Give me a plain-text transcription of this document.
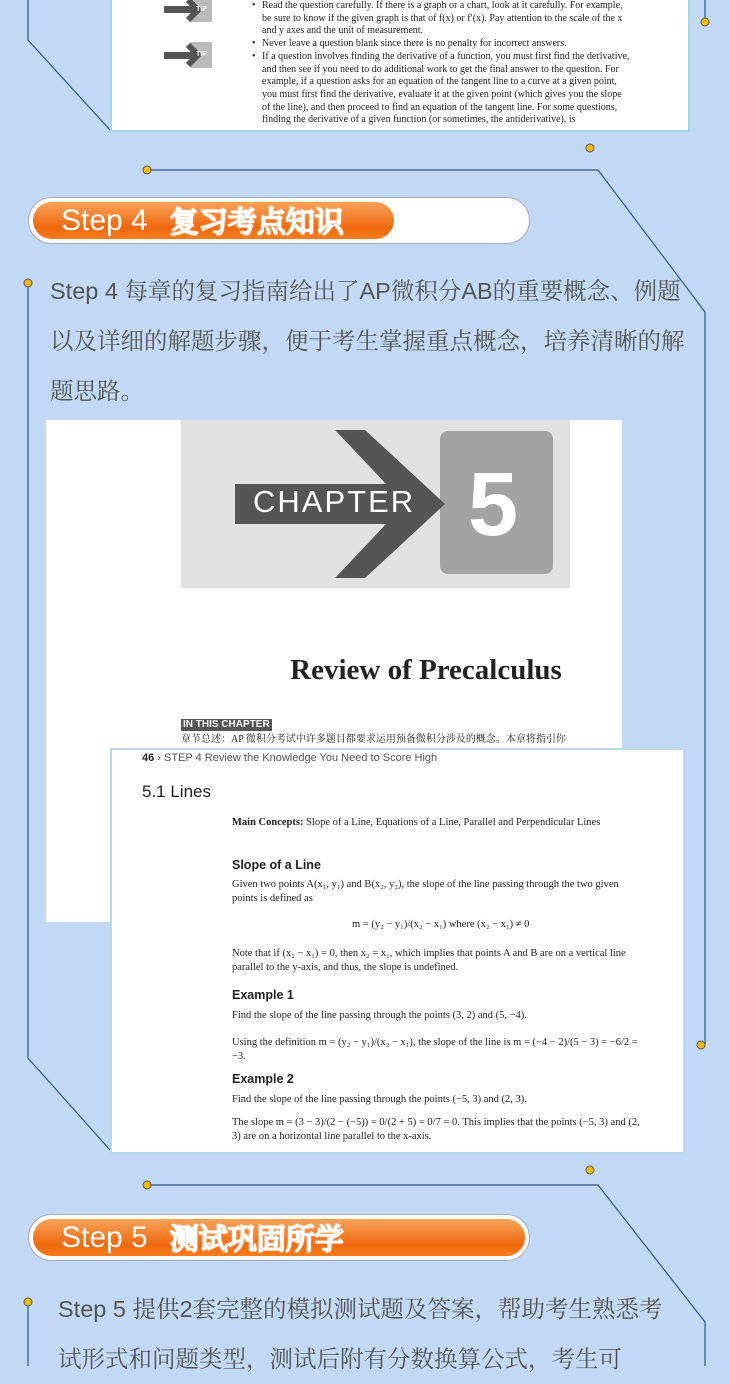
TIP
TIP

• Read the question carefully. If there is a graph or a chart, look at it carefully. For example, be sure to know if the given graph is that of f(x) or f′(x). Pay attention to the scale of the x and y axes and the unit of measurement.

• Never leave a question blank since there is no penalty for incorrect answers.

• If a question involves finding the derivative of a function, you must first find the derivative, and then see if you need to do additional work to get the final answer to the question. For example, if a question asks for an equation of the tangent line to a curve at a given point, you must first find the derivative, evaluate it at the given point (which gives you the slope of the line), and then proceed to find an equation of the tangent line. For some questions, finding the derivative of a given function (or sometimes, the antiderivative), is

Step 4 复习考点知识
Step 4 每章的复习指南给出了AP微积分AB的重要概念、例题以及详细的解题步骤，便于考生掌握重点概念，培养清晰的解题思路。
CHAPTER 5
Review of Precalculus
IN THIS CHAPTER
章节总述：AP 微积分考试中许多题目都要求运用预备微积分涉及的概念。本章将指引你
46 › STEP 4 Review the Knowledge You Need to Score High
5.1 Lines
Main Concepts: Slope of a Line, Equations of a Line, Parallel and Perpendicular Lines
Slope of a Line
Given two points A(x₁, y₁) and B(x₂, y₂), the slope of the line passing through the two given points is defined as
m = (y₂ − y₁)/(x₂ − x₁) where (x₂ − x₁) ≠ 0
Note that if (x₂ − x₁) = 0, then x₂ = x₁, which implies that points A and B are on a vertical line parallel to the y-axis, and thus, the slope is undefined.
Example 1
Find the slope of the line passing through the points (3, 2) and (5, −4).
Using the definition m = (y₂ − y₁)/(x₂ − x₁), the slope of the line is m = (−4 − 2)/(5 − 3) = −6/2 = −3.
Example 2
Find the slope of the line passing through the points (−5, 3) and (2, 3).
The slope m = (3 − 3)/(2 − (−5)) = 0/(2 + 5) = 0/7 = 0. This implies that the points (−5, 3) and (2, 3) are on a horizontal line parallel to the x-axis.
Step 5 测试巩固所学
Step 5 提供2套完整的模拟测试题及答案，帮助考生熟悉考试形式和问题类型，测试后附有分数换算公式，考生可
